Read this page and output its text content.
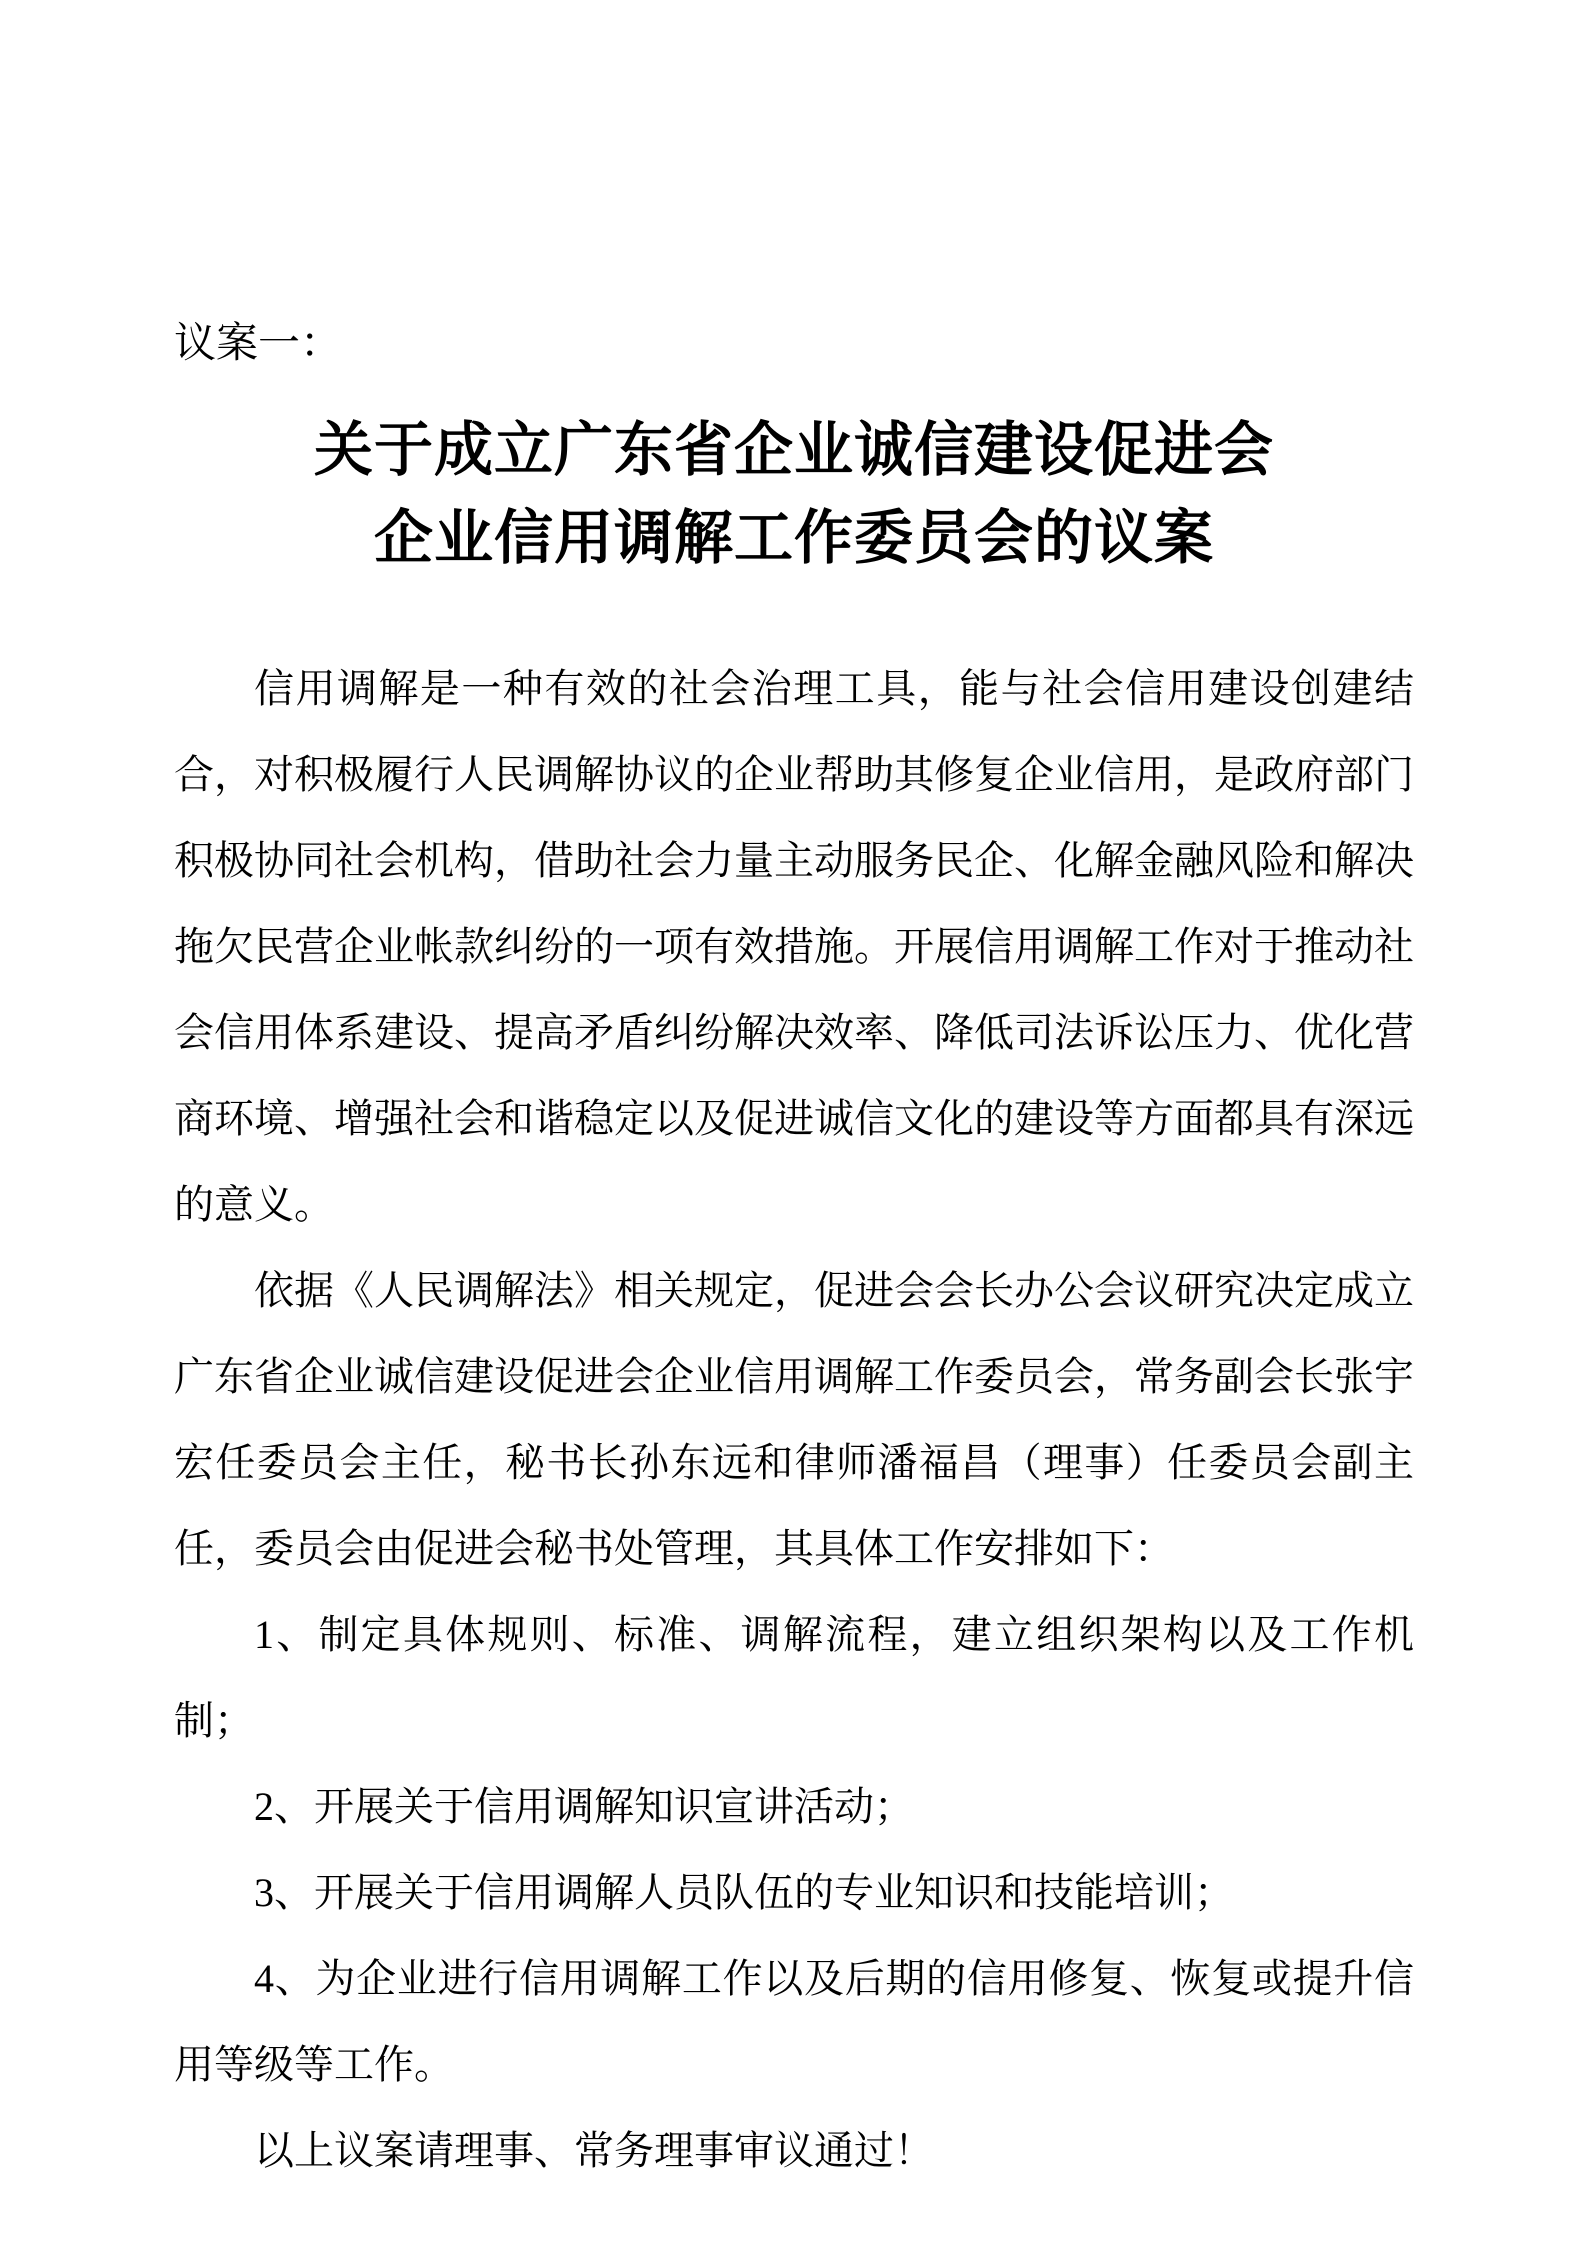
议案一：
关于成立广东省企业诚信建设促进会
企业信用调解工作委员会的议案

信用调解是一种有效的社会治理工具，能与社会信用建设创建结合，对积极履行人民调解协议的企业帮助其修复企业信用，是政府部门积极协同社会机构，借助社会力量主动服务民企、化解金融风险和解决拖欠民营企业帐款纠纷的一项有效措施。开展信用调解工作对于推动社会信用体系建设、提高矛盾纠纷解决效率、降低司法诉讼压力、优化营商环境、增强社会和谐稳定以及促进诚信文化的建设等方面都具有深远的意义。

依据《人民调解法》相关规定，促进会会长办公会议研究决定成立广东省企业诚信建设促进会企业信用调解工作委员会，常务副会长张宇宏任委员会主任，秘书长孙东远和律师潘福昌（理事）任委员会副主任，委员会由促进会秘书处管理，其具体工作安排如下：

1、制定具体规则、标准、调解流程，建立组织架构以及工作机制；

2、开展关于信用调解知识宣讲活动；

3、开展关于信用调解人员队伍的专业知识和技能培训；

4、为企业进行信用调解工作以及后期的信用修复、恢复或提升信用等级等工作。

以上议案请理事、常务理事审议通过！
